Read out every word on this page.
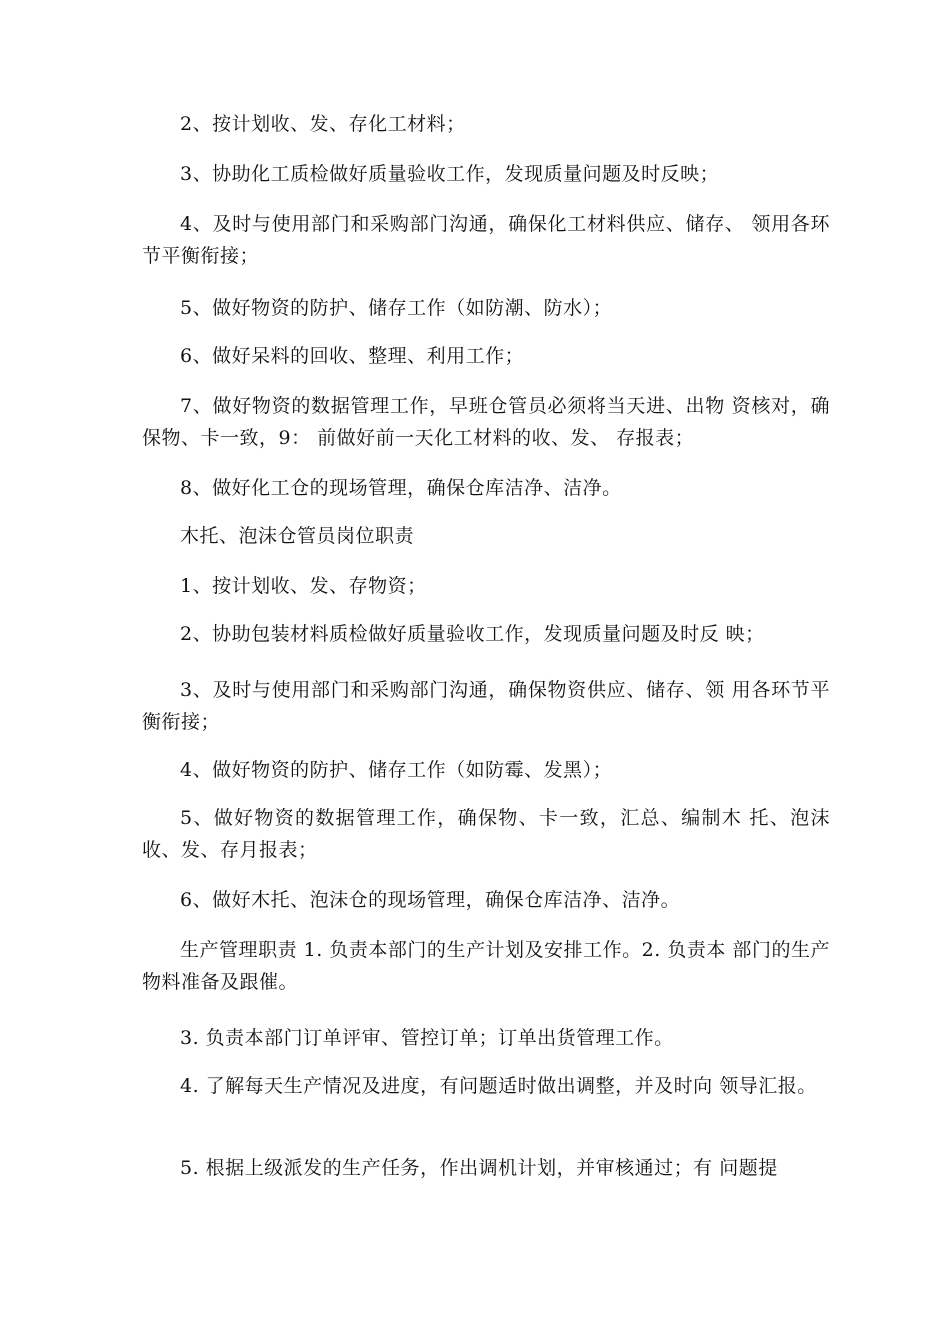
2、按计划收、发、存化工材料；

3、协助化工质检做好质量验收工作，发现质量问题及时反映；

4、及时与使用部门和采购部门沟通，确保化工材料供应、储存、 领用各环节平衡衔接；

5、做好物资的防护、储存工作（如防潮、防水）；

6、做好呆料的回收、整理、利用工作；

7、做好物资的数据管理工作，早班仓管员必须将当天进、出物 资核对，确保物、卡一致，9： 前做好前一天化工材料的收、发、 存报表；

8、做好化工仓的现场管理，确保仓库洁净、洁净。

木托、泡沫仓管员岗位职责

1、按计划收、发、存物资；

2、协助包装材料质检做好质量验收工作，发现质量问题及时反 映；

3、及时与使用部门和采购部门沟通，确保物资供应、储存、领 用各环节平衡衔接；

4、做好物资的防护、储存工作（如防霉、发黑）；

5、做好物资的数据管理工作，确保物、卡一致，汇总、编制木 托、泡沫收、发、存月报表；

6、做好木托、泡沫仓的现场管理，确保仓库洁净、洁净。

生产管理职责 1. 负责本部门的生产计划及安排工作。2. 负责本 部门的生产物料准备及跟催。

3. 负责本部门订单评审、管控订单；订单出货管理工作。

4. 了解每天生产情况及进度，有问题适时做出调整，并及时向 领导汇报。

5. 根据上级派发的生产任务，作出调机计划，并审核通过；有 问题提
